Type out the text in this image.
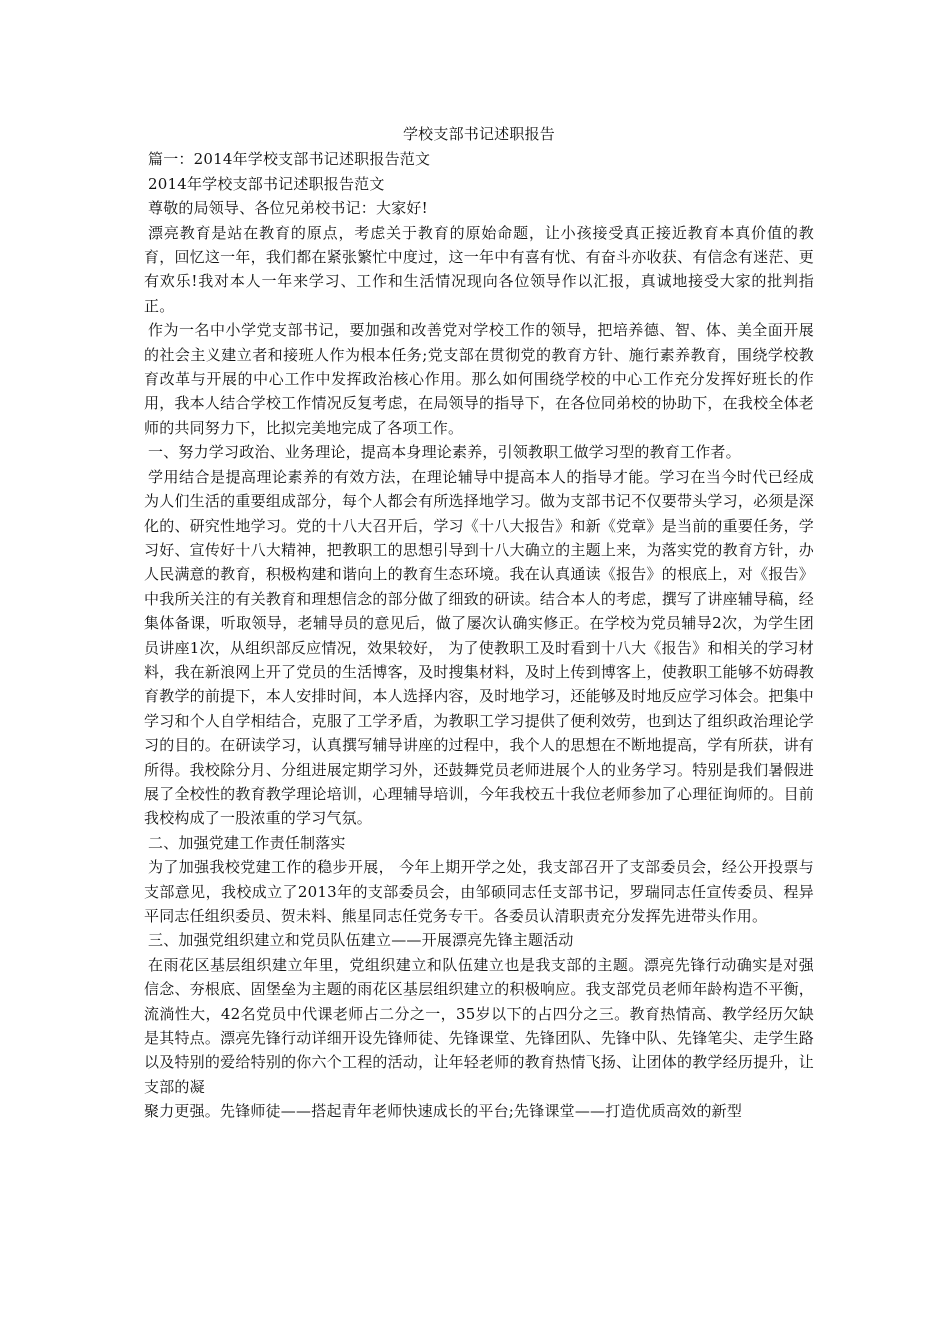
学校支部书记述职报告

篇一：2014年学校支部书记述职报告范文

2014年学校支部书记述职报告范文

尊敬的局领导、各位兄弟校书记：大家好!

漂亮教育是站在教育的原点，考虑关于教育的原始命题，让小孩接受真正接近教育本真价值的教育，回忆这一年，我们都在紧张繁忙中度过，这一年中有喜有忧、有奋斗亦收获、有信念有迷茫、更有欢乐!我对本人一年来学习、工作和生活情况现向各位领导作以汇报，真诚地接受大家的批判指正。

作为一名中小学党支部书记，要加强和改善党对学校工作的领导，把培养德、智、体、美全面开展的社会主义建立者和接班人作为根本任务;党支部在贯彻党的教育方针、施行素养教育，围绕学校教育改革与开展的中心工作中发挥政治核心作用。那么如何围绕学校的中心工作充分发挥好班长的作用，我本人结合学校工作情况反复考虑，在局领导的指导下，在各位同弟校的协助下，在我校全体老师的共同努力下，比拟完美地完成了各项工作。

一、努力学习政治、业务理论，提高本身理论素养，引领教职工做学习型的教育工作者。

学用结合是提高理论素养的有效方法，在理论辅导中提高本人的指导才能。学习在当今时代已经成为人们生活的重要组成部分，每个人都会有所选择地学习。做为支部书记不仅要带头学习，必须是深化的、研究性地学习。党的十八大召开后，学习《十八大报告》和新《党章》是当前的重要任务，学习好、宣传好十八大精神，把教职工的思想引导到十八大确立的主题上来，为落实党的教育方针，办人民满意的教育，积极构建和谐向上的教育生态环境。我在认真通读《报告》的根底上，对《报告》中我所关注的有关教育和理想信念的部分做了细致的研读。结合本人的考虑，撰写了讲座辅导稿，经集体备课，听取领导，老辅导员的意见后，做了屡次认确实修正。在学校为党员辅导2次，为学生团员讲座1次，从组织部反应情况，效果较好， 为了使教职工及时看到十八大《报告》和相关的学习材料，我在新浪网上开了党员的生活博客，及时搜集材料，及时上传到博客上，使教职工能够不妨碍教育教学的前提下，本人安排时间，本人选择内容，及时地学习，还能够及时地反应学习体会。把集中学习和个人自学相结合，克服了工学矛盾，为教职工学习提供了便利效劳，也到达了组织政治理论学习的目的。在研读学习，认真撰写辅导讲座的过程中，我个人的思想在不断地提高，学有所获，讲有所得。我校除分月、分组进展定期学习外，还鼓舞党员老师进展个人的业务学习。特别是我们暑假进展了全校性的教育教学理论培训，心理辅导培训，今年我校五十我位老师参加了心理征询师的。目前我校构成了一股浓重的学习气氛。

二、加强党建工作责任制落实

为了加强我校党建工作的稳步开展， 今年上期开学之处，我支部召开了支部委员会，经公开投票与支部意见，我校成立了2013年的支部委员会，由邹硕同志任支部书记，罗瑞同志任宣传委员、程异平同志任组织委员、贺未料、熊星同志任党务专干。各委员认清职责充分发挥先进带头作用。

三、加强党组织建立和党员队伍建立——开展漂亮先锋主题活动

在雨花区基层组织建立年里，党组织建立和队伍建立也是我支部的主题。漂亮先锋行动确实是对强信念、夯根底、固堡垒为主题的雨花区基层组织建立的积极响应。我支部党员老师年龄构造不平衡，流淌性大，42名党员中代课老师占二分之一，35岁以下的占四分之三。教育热情高、教学经历欠缺是其特点。漂亮先锋行动详细开设先锋师徒、先锋课堂、先锋团队、先锋中队、先锋笔尖、走学生路以及特别的爱给特别的你六个工程的活动，让年轻老师的教育热情飞扬、让团体的教学经历提升，让支部的凝

聚力更强。先锋师徒——搭起青年老师快速成长的平台;先锋课堂——打造优质高效的新型
